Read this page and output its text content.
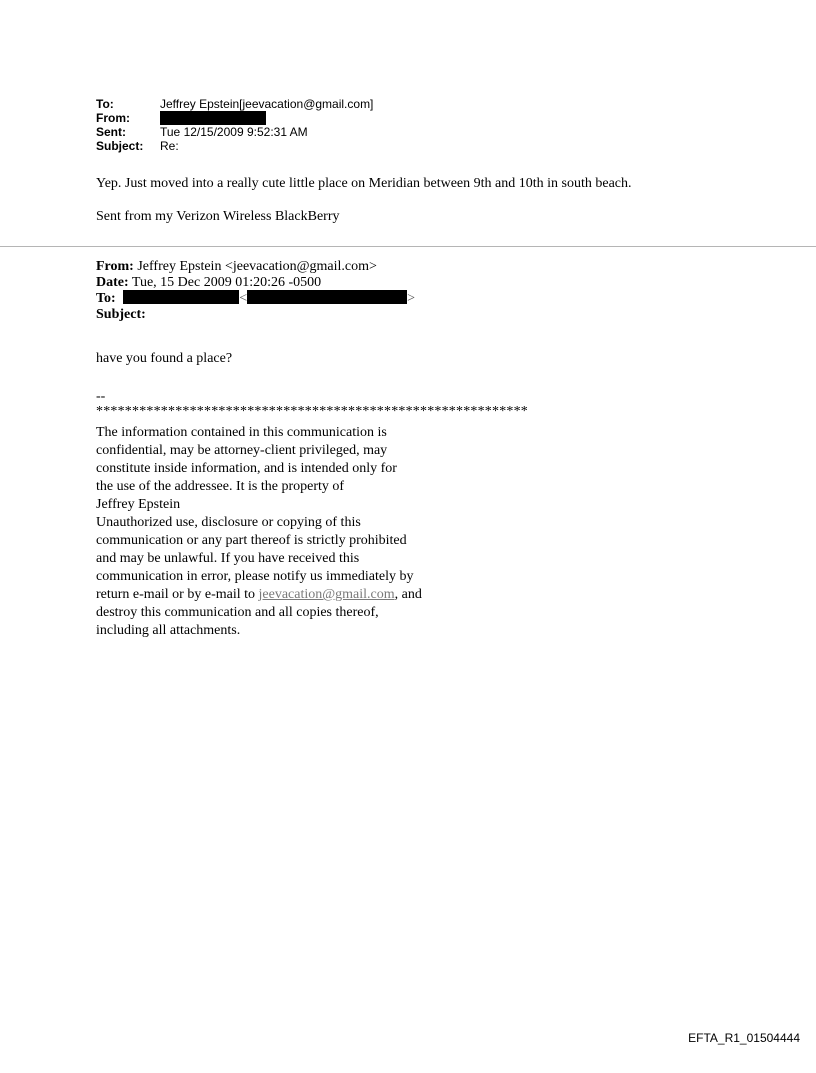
To:	Jeffrey Epstein[jeevacation@gmail.com]
From:
Sent:	Tue 12/15/2009 9:52:31 AM
Subject:	Re:
Yep. Just moved into a really cute little place on Meridian between 9th and 10th in south beach.
Sent from my Verizon Wireless BlackBerry
From: Jeffrey Epstein <jeevacation@gmail.com>
Date: Tue, 15 Dec 2009 01:20:26 -0500
To:	<	>
Subject:
have you found a place?
--
************************************************************
The information contained in this communication is
confidential, may be attorney-client privileged, may
constitute inside information, and is intended only for
the use of the addressee. It is the property of
Jeffrey Epstein
Unauthorized use, disclosure or copying of this
communication or any part thereof is strictly prohibited
and may be unlawful. If you have received this
communication in error, please notify us immediately by
return e-mail or by e-mail to jeevacation@gmail.com, and
destroy this communication and all copies thereof,
including all attachments.
EFTA_R1_01504444
